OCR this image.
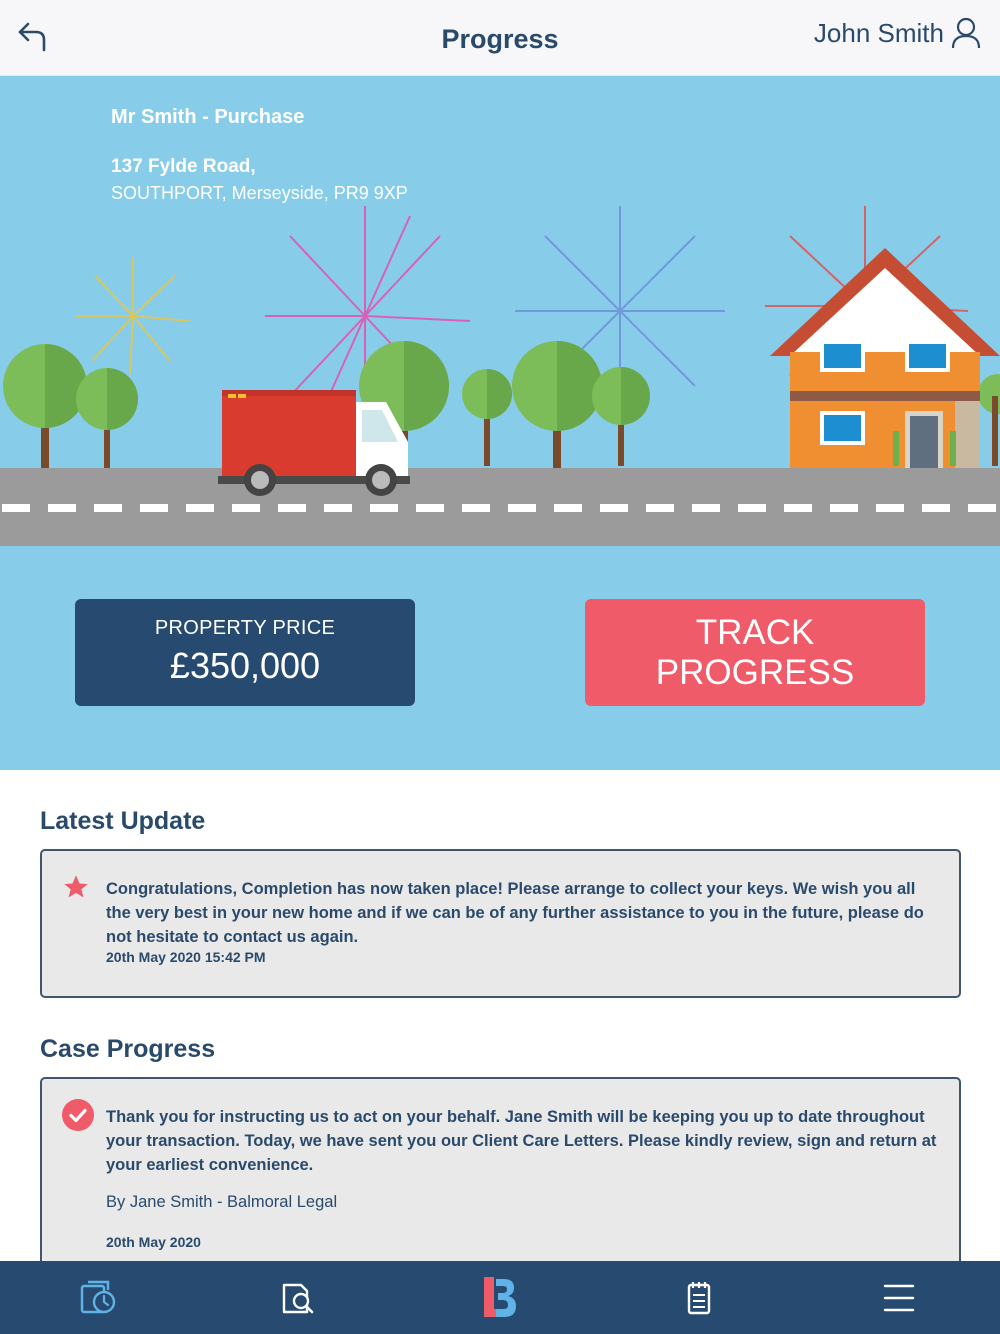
Progress	John Smith
Mr Smith - Purchase
137 Fylde Road,
SOUTHPORT, Merseyside, PR9 9XP
PROPERTY PRICE
£350,000
TRACK PROGRESS
Latest Update
Congratulations, Completion has now taken place! Please arrange to collect your keys. We wish you all the very best in your new home and if we can be of any further assistance to you in the future, please do not hesitate to contact us again.
20th May 2020 15:42 PM
Case Progress
Thank you for instructing us to act on your behalf. Jane Smith will be keeping you up to date throughout your transaction. Today, we have sent you our Client Care Letters. Please kindly review, sign and return at your earliest convenience.
By Jane Smith - Balmoral Legal
20th May 2020
